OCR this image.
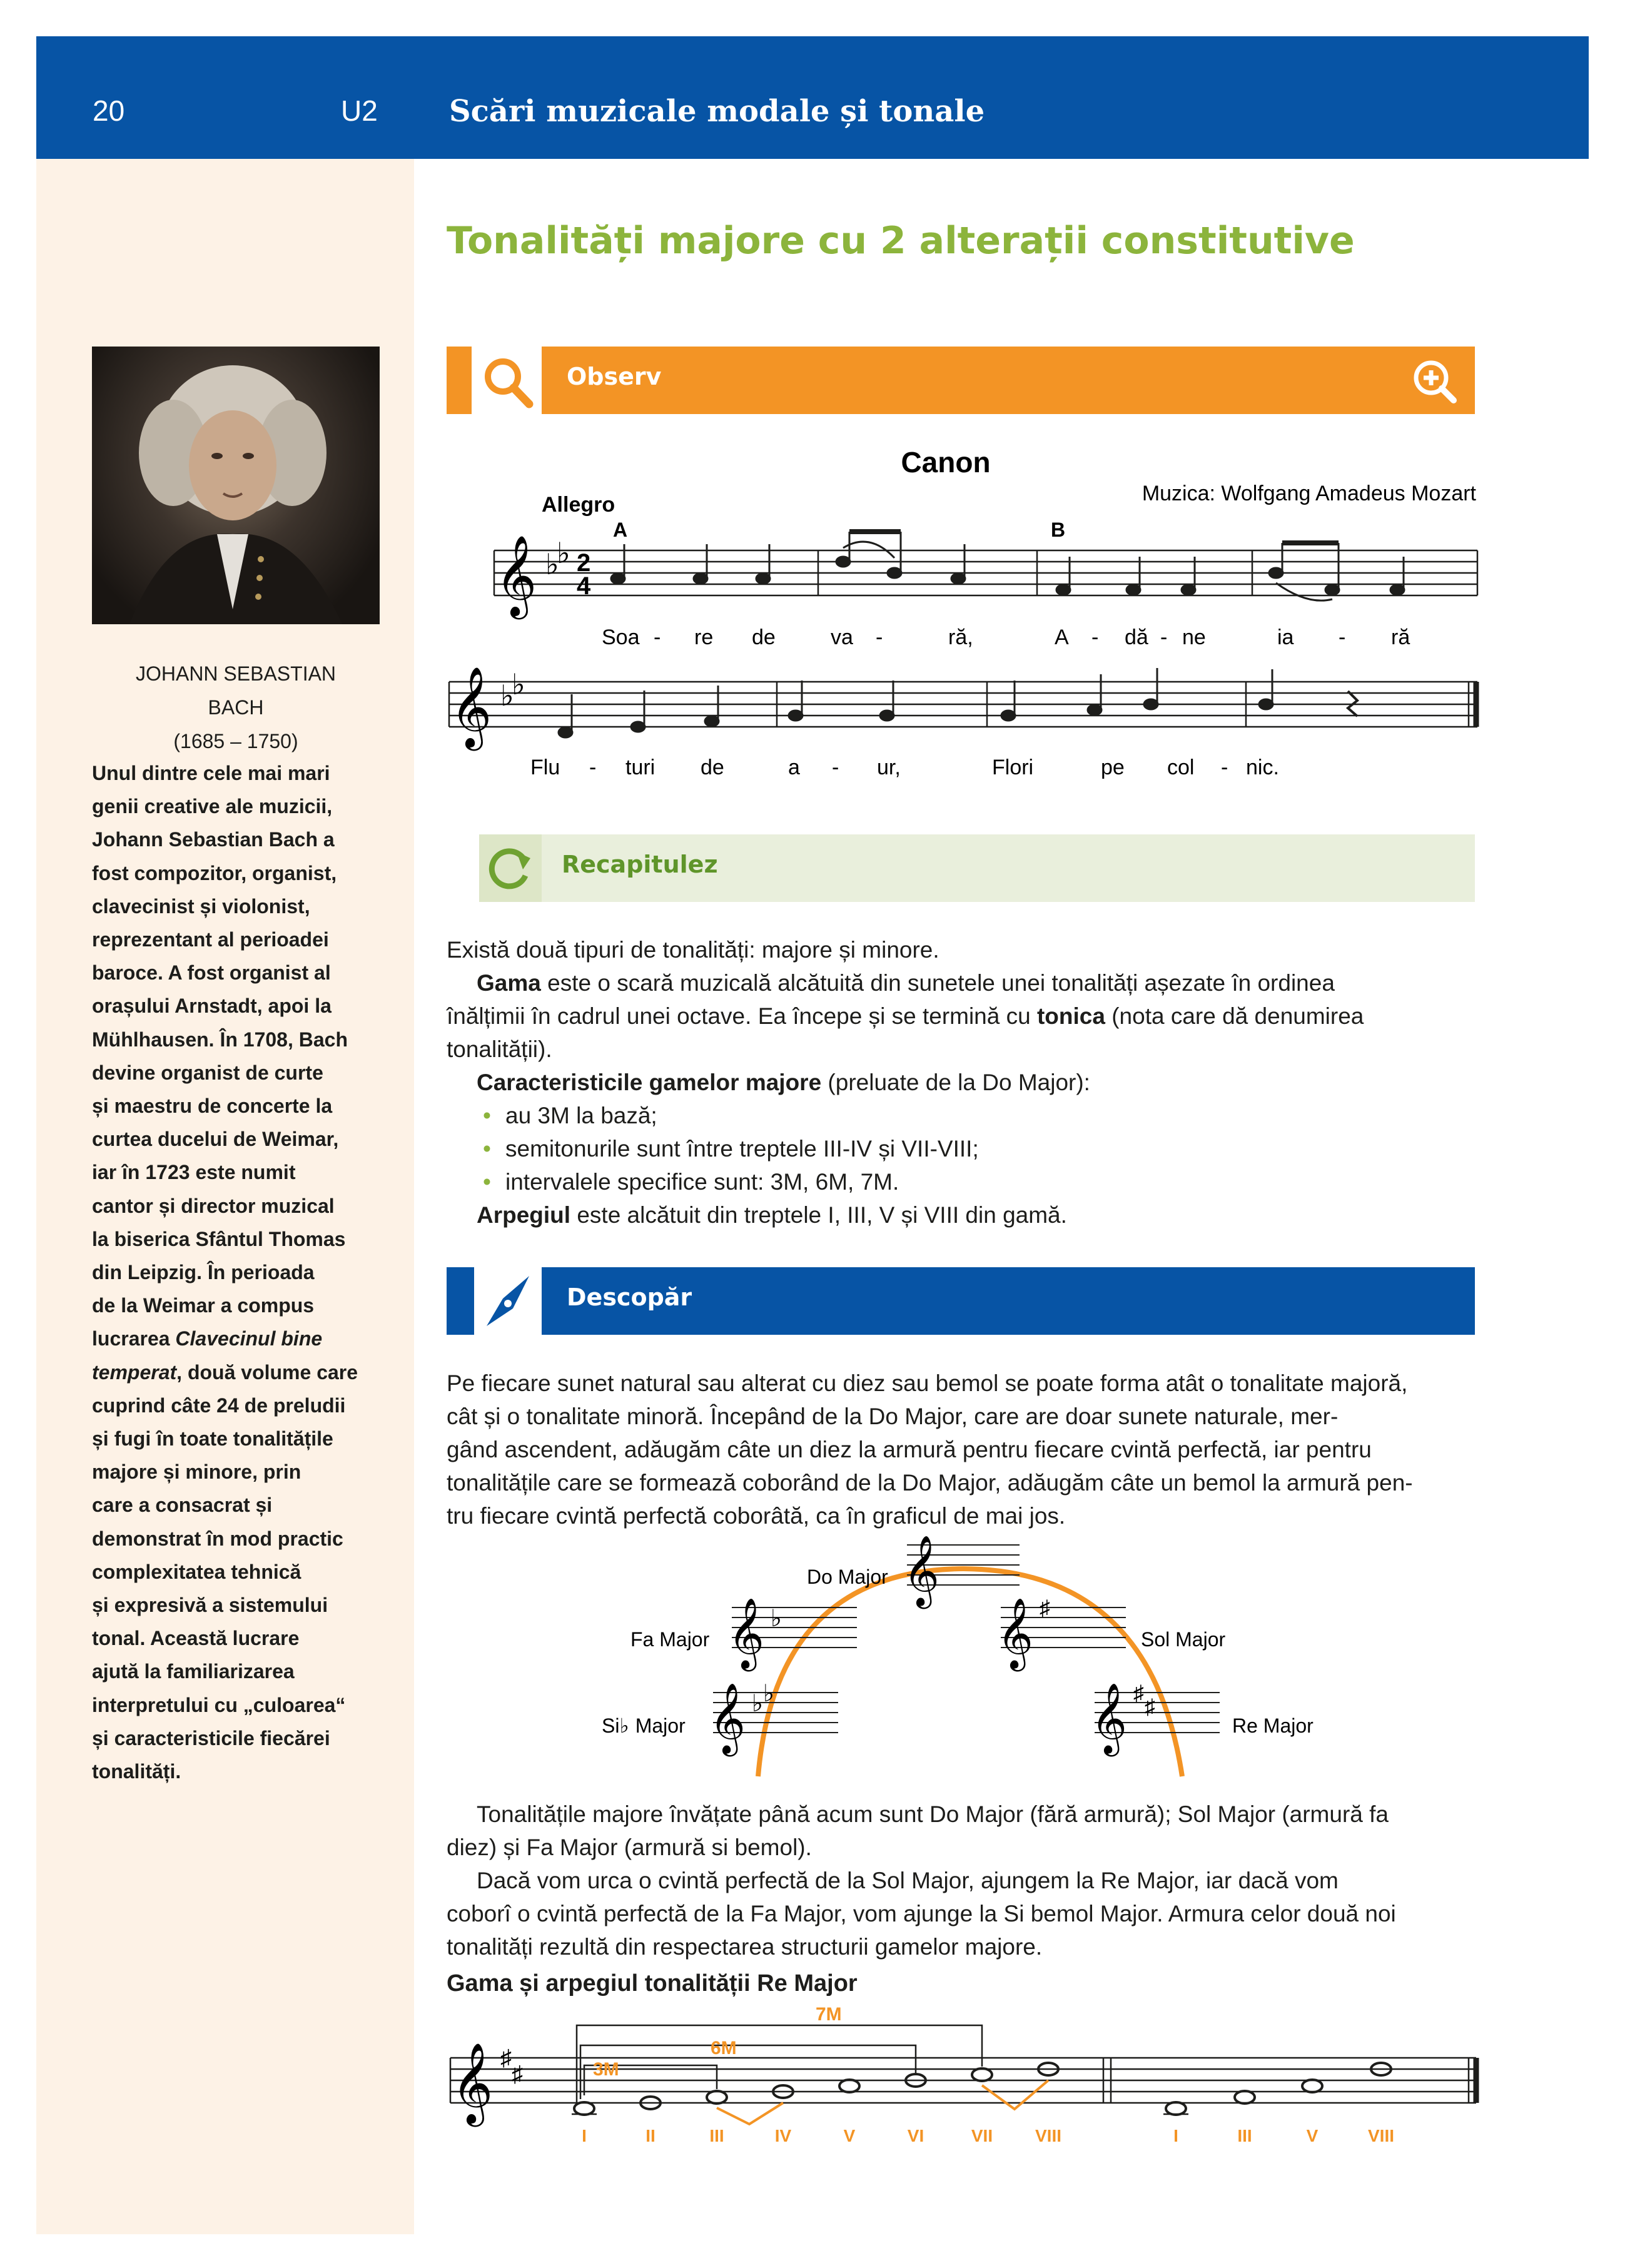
20	U2 Scări muzicale modale și tonale
JOHANN SEBASTIAN
BACH
(1685 – 1750)
Unul dintre cele mai mari
genii creative ale muzicii,
Johann Sebastian Bach a
fost compozitor, organist,
clavecinist și violonist,
reprezentant al perioadei
baroce. A fost organist al
orașului Arnstadt, apoi la
Mühlhausen. În 1708, Bach
devine organist de curte
și maestru de concerte la
curtea ducelui de Weimar,
iar în 1723 este numit
cantor și director muzical
la biserica Sfântul Thomas
din Leipzig. În perioada
de la Weimar a compus
lucrarea Clavecinul bine
temperat, două volume care
cuprind câte 24 de preludii
și fugi în toate tonalitățile
majore și minore, prin
care a consacrat și
demonstrat în mod practic
complexitatea tehnică
și expresivă a sistemului
tonal. Această lucrare
ajută la familiarizarea
interpretului cu „culoarea“
și caracteristicile fiecărei
tonalități.
Tonalități majore cu 2 alterații constitutive
Observ
Canon
Muzica: Wolfgang Amadeus Mozart
Allegro
A	B
𝄞 ♭
♭ 2
4
Soa - re de	va -	ră,	A - dă - ne	ia - ră
𝄞 ♭
♭
Flu - turi de	a - ur,	Flori	pe col - nic.
Recapitulez
Există două tipuri de tonalități: majore și minore.
Gama este o scară muzicală alcătuită din sunetele unei tonalități așezate în ordinea
înălțimii în cadrul unei octave. Ea începe și se termină cu tonica (nota care dă denumirea
tonalității).
Caracteristicile gamelor majore (preluate de la Do Major):
• au 3M la bază;
• semitonurile sunt între treptele III-IV și VII-VIII;
• intervalele specifice sunt: 3M, 6M, 7M.
Arpegiul este alcătuit din treptele I, III, V și VIII din gamă.
Descopăr
Pe fiecare sunet natural sau alterat cu diez sau bemol se poate forma atât o tonalitate majoră,
cât și o tonalitate minoră. Începând de la Do Major, care are doar sunete naturale, mer-
gând ascendent, adăugăm câte un diez la armură pentru fiecare cvintă perfectă, iar pentru
tonalitățile care se formează coborând de la Do Major, adăugăm câte un bemol la armură pen-
tru fiecare cvintă perfectă coborâtă, ca în graficul de mai jos.
𝄞
Do Major
𝄞 ♭
Fa Major	𝄞 ♯
Sol Major
𝄞 ♭ ♭
Si♭ Major	𝄞 ♯
♯
Re Major
Tonalitățile majore învățate până acum sunt Do Major (fără armură); Sol Major (armură fa
diez) și Fa Major (armură si bemol).
Dacă vom urca o cvintă perfectă de la Sol Major, ajungem la Re Major, iar dacă vom
coborî o cvintă perfectă de la Fa Major, vom ajunge la Si bemol Major. Armura celor două noi
tonalități rezultă din respectarea structurii gamelor majore.
Gama și arpegiul tonalității Re Major
𝄞 ♯
♯	3M
6M
7M
I	II	III	IV	V	VI	VII VIII	I	III	V	VIII
